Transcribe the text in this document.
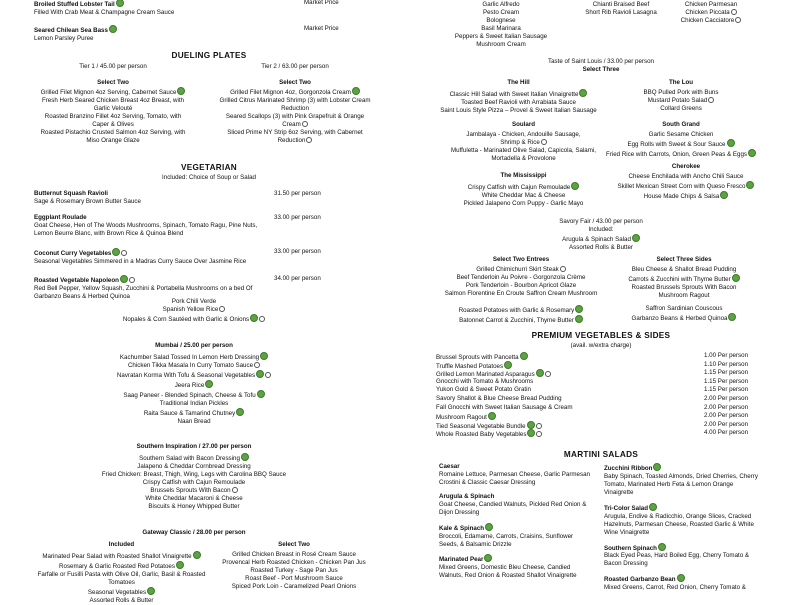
Broiled Stuffed Lobster Tail
Filled With Crab Meat & Champagne Cream Sauce
Market Price
Seared Chilean Sea Bass
Lemon Parsley Puree
Market Price
DUELING PLATES
Tier 1 / 45.00 per person
Select Two
Grilled Filet Mignon 4oz Serving, Cabernet Sauce
Fresh Herb Seared Chicken Breast 4oz Breast, with Garlic Velouté
Roasted Branzino Fillet 4oz Serving, Tomato, with Caper & Olives
Roasted Pistachio Crusted Salmon 4oz Serving, with Miso Orange Glaze
Tier 2 / 63.00 per person
Select Two
Grilled Filet Mignon 4oz, Gorgonzola Cream
Grilled Citrus Marinated Shrimp (3) with Lobster Cream Reduction
Seared Scallops (3) with Pink Grapefruit & Orange Cream
Sliced Prime NY Strip 6oz Serving, with Cabernet Reduction
VEGETARIAN
Included: Choice of Soup or Salad
Butternut Squash Ravioli
Sage & Rosemary Brown Butter Sauce
31.50 per person
Eggplant Roulade
Goat Cheese, Hen of The Woods Mushrooms, Spinach, Tomato Ragu, Pine Nuts, Lemon Beurre Blanc, with Brown Rice & Quinoa Blend
33.00 per person
Coconut Curry Vegetables
Seasonal Vegetables Simmered in a Madras Curry Sauce Over Jasmine Rice
33.00 per person
Roasted Vegetable Napoleon
Red Bell Pepper, Yellow Squash, Zucchini & Portabella Mushrooms on a bed Of Garbanzo Beans & Herbed Quinoa
34.00 per person
Pork Chili Verde
Spanish Yellow Rice
Nopales & Corn Sautéed with Garlic & Onions
Mumbai / 25.00 per person
Kachumber Salad Tossed In Lemon Herb Dressing
Chicken Tikka Masala In Curry Tomato Sauce
Navratan Korma With Tofu & Seasonal Vegetables
Jeera Rice
Saag Paneer - Blended Spinach, Cheese & Tofu
Traditional Indian Pickles
Raita Sauce & Tamarind Chutney
Naan Bread
Southern Inspiration / 27.00 per person
Southern Salad with Bacon Dressing
Jalapeno & Cheddar Cornbread Dressing
Fried Chicken: Breast, Thigh, Wing, Legs with Carolina BBQ Sauce
Crispy Catfish with Cajun Remoulade
Brussels Sprouts With Bacon
White Cheddar Macaroni & Cheese
Biscuits & Honey Whipped Butter
Gateway Classic / 28.00 per person
Included
Marinated Pear Salad with Roasted Shallot Vinaigrette
Rosemary & Garlic Roasted Red Potatoes
Farfalle or Fusilli Pasta with Olive Oil, Garlic, Basil & Roasted Tomatoes
Seasonal Vegetables
Assorted Rolls & Butter
Select Two
Grilled Chicken Breast in Rosé Cream Sauce
Provencal Herb Roasted Chicken - Chicken Pan Jus
Roasted Turkey - Sage Pan Jus
Roast Beef - Port Mushroom Sauce
Spiced Pork Loin - Caramelized Pearl Onions
Garlic Alfredo
Pesto Cream
Bolognese
Basil Marinara
Peppers & Sweet Italian Sausage
Mushroom Cream
Chianti Braised Beef
Short Rib Ravioli Lasagna
Chicken Parmesan
Chicken Piccata
Chicken Cacciatore
Taste of Saint Louis / 33.00 per person
Select Three
The Hill
Classic Hill Salad with Sweet Italian Vinaigrette
Toasted Beef Ravioli with Arrabiata Sauce
Saint Louis Style Pizza – Provel & Sweet Italian Sausage
The Lou
BBQ Pulled Pork with Buns
Mustard Potato Salad
Collard Greens
Soulard
Jambalaya - Chicken, Andouille Sausage, Shrimp & Rice
Muffuletta - Marinated Olive Salad, Capicola, Salami, Mortadella & Provolone
South Grand
Garlic Sesame Chicken
Egg Rolls with Sweet & Sour Sauce
Fried Rice with Carrots, Onion, Green Peas & Eggs
Cherokee
Cheese Enchilada with Ancho Chili Sauce
Skillet Mexican Street Corn with Queso Fresco
House Made Chips & Salsa
The Mississippi
Crispy Catfish with Cajun Remoulade
White Cheddar Mac & Cheese
Pickled Jalapeno Corn Puppy - Garlic Mayo
Savory Fair / 43.00 per person
Included:
Arugula & Spinach Salad
Assorted Rolls & Butter
Select Two Entrees
Grilled Chimichurri Skirt Steak
Beef Tenderloin Au Poivre - Gorgonzola Crème
Pork Tenderloin - Bourbon Apricot Glaze
Salmon Florentine En Croute Saffron Cream Mushroom
Select Three Sides
Bleu Cheese & Shallot Bread Pudding
Carrots & Zucchini with Thyme Butter
Roasted Brussels Sprouts With Bacon
Mushroom Ragout
Roasted Potatoes with Garlic & Rosemary
Batonnet Carrot & Zucchini, Thyme Butter
Saffron Sardinian Couscous
Garbanzo Beans & Herbed Quinoa
PREMIUM VEGETABLES & SIDES
(avail. w/extra charge)
Brussel Sprouts with Pancetta	1.00 Per person
Truffle Mashed Potatoes	1.10 Per person
Grilled Lemon Marinated Asparagus	1.15 Per person
Gnocchi with Tomato & Mushrooms	1.15 Per person
Yukon Gold & Sweet Potato Gratin	1.15 Per person
Savory Shallot & Blue Cheese Bread Pudding	2.00 Per person
Fall Gnocchi with Sweet Italian Sausage & Cream	2.00 Per person
Mushroom Ragout	2.00 Per person
Tied Seasonal Vegetable Bundle	2.00 Per person
Whole Roasted Baby Vegetables	4.00 Per person
MARTINI SALADS
Caesar
Romaine Lettuce, Parmesan Cheese, Garlic Parmesan Crostini & Classic Caesar Dressing
Arugula & Spinach
Goat Cheese, Candied Walnuts, Pickled Red Onion & Dijon Dressing
Kale & Spinach
Broccoli, Edamame, Carrots, Craisins, Sunflower Seeds, & Balsamic Drizzle
Marinated Pear
Mixed Greens, Domestic Bleu Cheese, Candied Walnuts, Red Onion & Roasted Shallot Vinaigrette
Zucchini Ribbon
Baby Spinach, Toasted Almonds, Dried Cherries, Cherry Tomato, Marinated Herb Feta & Lemon Orange Vinaigrette
Tri-Color Salad
Arugula, Endive & Radicchio, Orange Slices, Cracked Hazelnuts, Parmesan Cheese, Roasted Garlic & White Wine Vinaigrette
Southern Spinach
Black Eyed Peas, Hard Boiled Egg, Cherry Tomato & Bacon Dressing
Roasted Garbanzo Bean
Mixed Greens, Carrot, Red Onion, Cherry Tomato &
